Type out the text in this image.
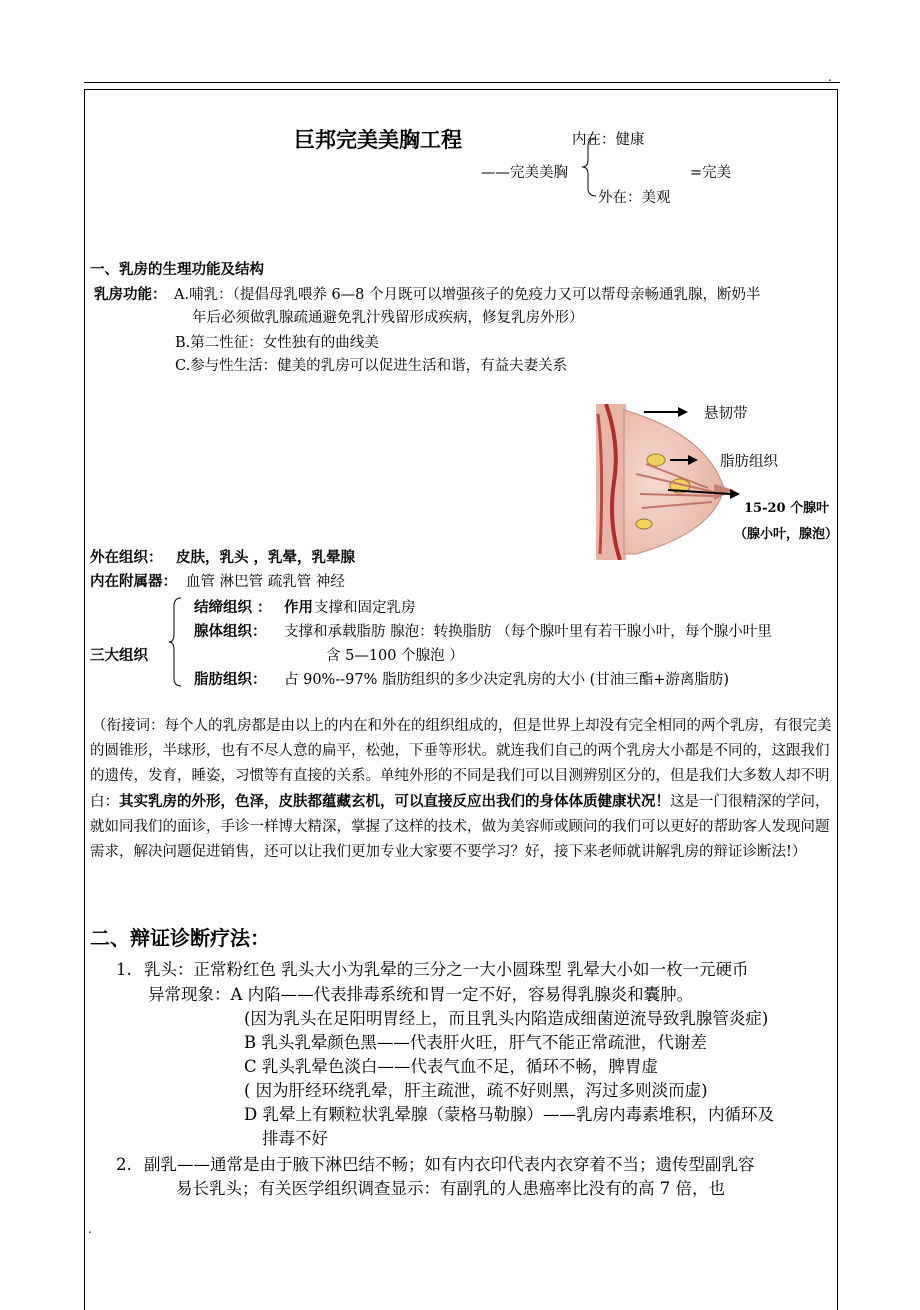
.
巨邦完美美胸工程	内在：健康
——完美美胸	=完美
外在：美观
一、乳房的生理功能及结构
乳房功能： A.哺乳：（提倡母乳喂养 6—8 个月既可以增强孩子的免疫力又可以帮母亲畅通乳腺，断奶半
年后必须做乳腺疏通避免乳汁残留形成疾病，修复乳房外形）
B.第二性征：女性独有的曲线美
C.参与性生活：健美的乳房可以促进生活和谐，有益夫妻关系
悬韧带
脂肪组织
15-20 个腺叶
（腺小叶，腺泡）
外在组织： 皮肤，乳头 ，乳晕，乳晕腺
内在附属器： 血管 淋巴管 疏乳管 神经
三大组织
结缔组织 ： 作用 支撑和固定乳房
腺体组织： 支撑和承载脂肪 腺泡：转换脂肪 （每个腺叶里有若干腺小叶，每个腺小叶里
含 5—100 个腺泡 ）
脂肪组织： 占 90%--97% 脂肪组织的多少决定乳房的大小 (甘油三酯+游离脂肪)
（衔接词：每个人的乳房都是由以上的内在和外在的组织组成的，但是世界上却没有完全相同的两个乳房，有很完美的圆锥形，半球形，也有不尽人意的扁平，松弛，下垂等形状。就连我们自己的两个乳房大小都是不同的，这跟我们的遗传，发育，睡姿，习惯等有直接的关系。单纯外形的不同是我们可以目测辨别区分的，但是我们大多数人却不明白：其实乳房的外形，色泽，皮肤都蕴藏玄机，可以直接反应出我们的身体体质健康状况！这是一门很精深的学问，就如同我们的面诊，手诊一样博大精深，掌握了这样的技术，做为美容师或顾问的我们可以更好的帮助客人发现问题需求，解决问题促进销售，还可以让我们更加专业大家要不要学习？好，接下来老师就讲解乳房的辩证诊断法!）
二、辩证诊断疗法：
1. 乳头：正常粉红色 乳头大小为乳晕的三分之一大小圆珠型 乳晕大小如一枚一元硬币
异常现象：A 内陷——代表排毒系统和胃一定不好，容易得乳腺炎和囊肿。
(因为乳头在足阳明胃经上，而且乳头内陷造成细菌逆流导致乳腺管炎症)
B 乳头乳晕颜色黑——代表肝火旺，肝气不能正常疏泄，代谢差
C 乳头乳晕色淡白——代表气血不足，循环不畅，脾胃虚
( 因为肝经环绕乳晕，肝主疏泄，疏不好则黑，泻过多则淡而虚)
D 乳晕上有颗粒状乳晕腺（蒙格马勒腺）——乳房内毒素堆积，内循环及
排毒不好
2. 副乳——通常是由于腋下淋巴结不畅；如有内衣印代表内衣穿着不当；遗传型副乳容
易长乳头；有关医学组织调查显示：有副乳的人患癌率比没有的高 7 倍，也
.
